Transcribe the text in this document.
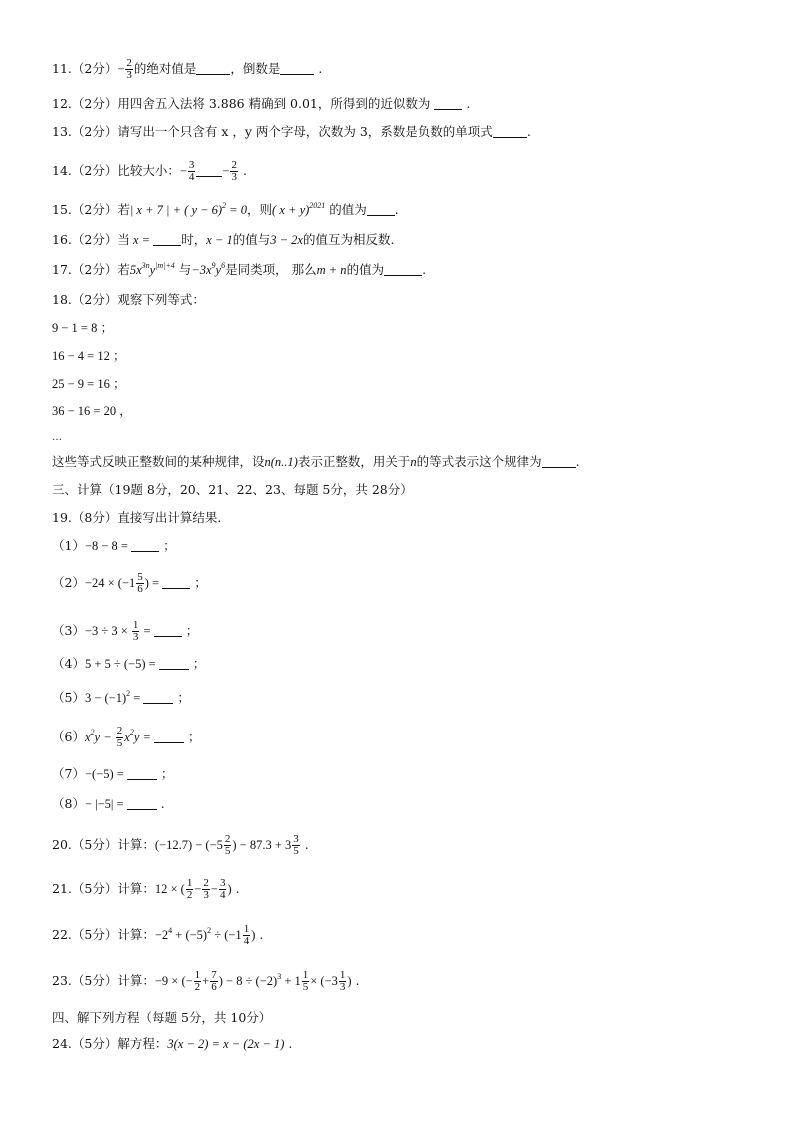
11.（2分）− $\frac{2}{3}$ 的绝对值是	，倒数是	.
12.（2分）用四舍五入法将 3.886 精确到 0.01，所得到的近似数为	.
13.（2分）请写出一个只含有 x ，y 两个字母，次数为 3，系数是负数的单项式	.
14.（2分）比较大小：− $\frac{3}{4} - \frac{2}{3}$ .
15.（2分）若| x + 7 | + ( y − 6)$^2$ = 0，则( x + y)$^{2021}$ 的值为 .
16.（2分）当 x = 时，x − 1的值与3 − 2x的值互为相反数.
17.（2分）若$5x^{3n}y^{|m|+4}$ 与$-3x^9y^6$是同类项， 那么m + n的值为	.
18.（2分）观察下列等式：
9 − 1 = 8 ；
16 − 4 = 12 ；
25 − 9 = 16 ；
36 − 16 = 20 ，
…
这些等式反映正整数间的某种规律，设n(n..1)表示正整数，用关于n的等式表示这个规律为	.
三、计算（19题 8分，20、21、22、23、每题 5分，共 28分）
19.（8分）直接写出计算结果.
（1）−8 − 8 =  ；
$(2)-24 \times (-1 \frac{5}{6}$ ) =  ；
$(3)-3 \div 3 \times \frac{1}{3}$ =  ；
（4）5 + 5 ÷ (−5) =  ；
$(5)3 - (-1)^2$ =  ；
$(6)x^2y - \frac{2}{5} x^2y$ =  ；
（7）−(−5) =  ；
（8）− |−5| =  .
20.（5分）计算：$(-12.7) - (-5 \frac{2}{5}$ ) − $87.3 + 3 \frac{3}{5}$ .
21.（5分）计算：12 × ( $\frac{1}{2} - \frac{2}{3} - \frac{3}{4}$ ) .
22.（5分）计算：$-2^4 + (-5)^2 \div (-1 \frac{1}{4}$ ) .
23.（5分）计算：−9 × (− $\frac{1}{2} + \frac{7}{6}$ ) − $8 \div (-2)^3 + 1 \frac{1}{5} \times (-3 \frac{1}{3}$ ) .
四、解下列方程（每题 5分，共 10分）
24.（5分）解方程：3(x − 2) = x − (2x − 1) .
